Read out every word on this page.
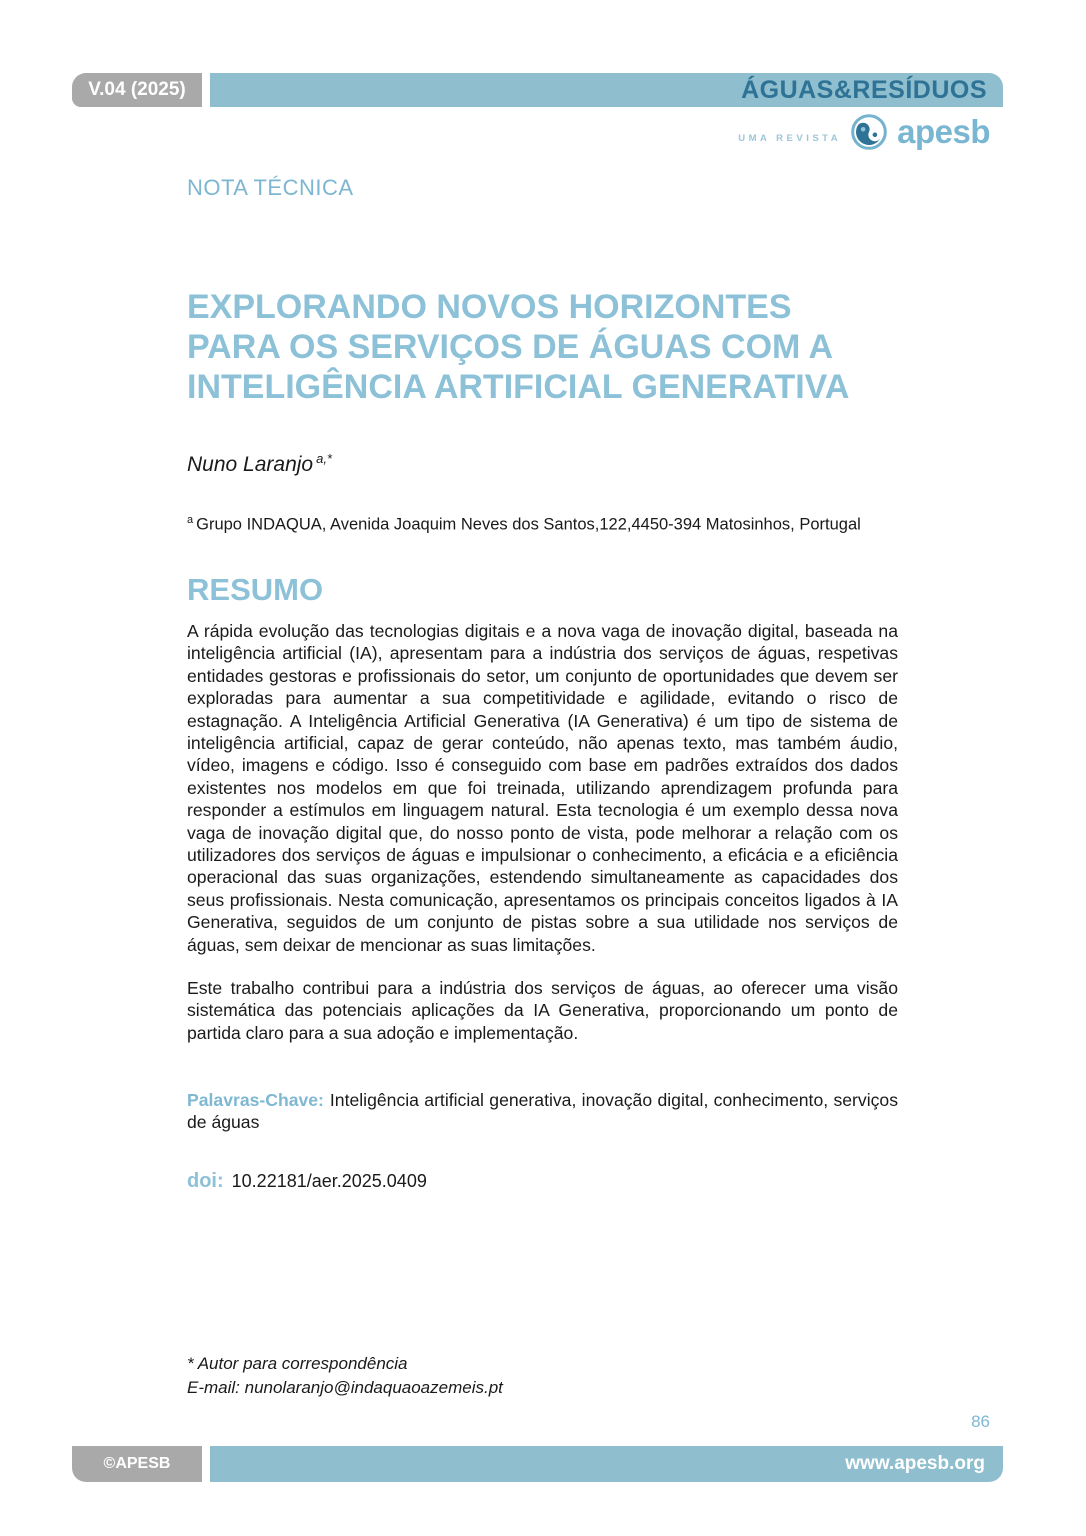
V.04 (2025)	ÁGUAS&RESÍDUOS
UMA REVISTA apesb
NOTA TÉCNICA
EXPLORANDO NOVOS HORIZONTES
PARA OS SERVIÇOS DE ÁGUAS COM A
INTELIGÊNCIA ARTIFICIAL GENERATIVA
Nuno Laranjo $^{a,*}$
$^a$ Grupo INDAQUA, Avenida Joaquim Neves dos Santos,122,4450-394 Matosinhos, Portugal
RESUMO

A rápida evolução das tecnologias digitais e a nova vaga de inovação digital, baseada na inteligência artificial (IA), apresentam para a indústria dos serviços de águas, respetivas entidades gestoras e profissionais do setor, um conjunto de oportunidades que devem ser exploradas para aumentar a sua competitividade e agilidade, evitando o risco de estagnação. A Inteligência Artificial Generativa (IA Generativa) é um tipo de sistema de inteligência artificial, capaz de gerar conteúdo, não apenas texto, mas também áudio, vídeo, imagens e código. Isso é conseguido com base em padrões extraídos dos dados existentes nos modelos em que foi treinada, utilizando aprendizagem profunda para responder a estímulos em linguagem natural. Esta tecnologia é um exemplo dessa nova vaga de inovação digital que, do nosso ponto de vista, pode melhorar a relação com os utilizadores dos serviços de águas e impulsionar o conhecimento, a eficácia e a eficiência operacional das suas organizações, estendendo simultaneamente as capacidades dos seus profissionais. Nesta comunicação, apresentamos os principais conceitos ligados à IA Generativa, seguidos de um conjunto de pistas sobre a sua utilidade nos serviços de águas, sem deixar de mencionar as suas limitações.

Este trabalho contribui para a indústria dos serviços de águas, ao oferecer uma visão sistemática das potenciais aplicações da IA Generativa, proporcionando um ponto de partida claro para a sua adoção e implementação.

Palavras-Chave: Inteligência artificial generativa, inovação digital, conhecimento, serviços de águas
doi: 10.22181/aer.2025.0409
* Autor para correspondência
E-mail: nunolaranjo@indaquaoazemeis.pt
86
©APESB	www.apesb.org
